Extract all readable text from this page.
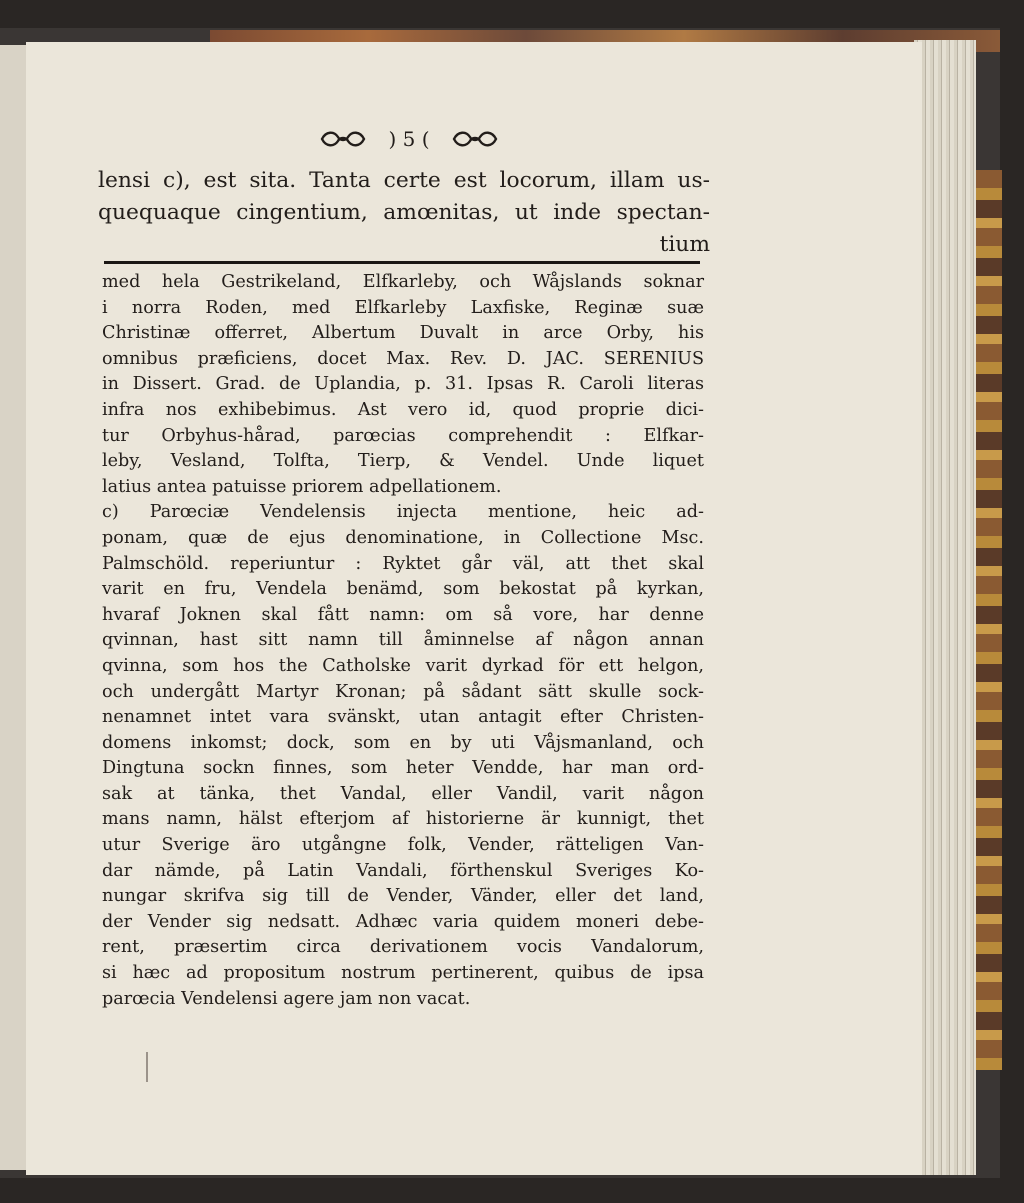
) 5 (
lensi c), est sita. Tanta certe est locorum, illam us-
quequaque cingentium, amœnitas, ut inde spectan-
tium
med hela Gestrikeland, Elfkarleby, och Wåjslands soknar
i norra Roden, med Elfkarleby Laxfiske, Reginæ suæ
Christinæ offerret, Albertum Duvalt in arce Orby, his
omnibus præficiens, docet Max. Rev. D. JAC. SERENIUS
in Dissert. Grad. de Uplandia, p. 31. Ipsas R. Caroli literas
infra nos exhibebimus. Ast vero id, quod proprie dici-
tur Orbyhus-hårad, parœcias comprehendit : Elfkar-
leby, Vesland, Tolfta, Tierp, & Vendel. Unde liquet
latius antea patuisse priorem adpellationem.
c) Parœciæ Vendelensis injecta mentione, heic ad-
ponam, quæ de ejus denominatione, in Collectione Msc.
Palmschöld. reperiuntur : Ryktet går väl, att thet skal
varit en fru, Vendela benämd, som bekostat på kyrkan,
hvaraf Joknen skal fått namn: om så vore, har denne
qvinnan, hast sitt namn till åminnelse af någon annan
qvinna, som hos the Catholske varit dyrkad för ett helgon,
och undergått Martyr Kronan; på sådant sätt skulle sock-
nenamnet intet vara svänskt, utan antagit efter Christen-
domens inkomst; dock, som en by uti Våjsmanland, och
Dingtuna sockn finnes, som heter Vendde, har man ord-
sak at tänka, thet Vandal, eller Vandil, varit någon
mans namn, hälst efterjom af historierne är kunnigt, thet
utur Sverige äro utgångne folk, Vender, rätteligen Van-
dar nämde, på Latin Vandali, förthenskul Sveriges Ko-
nungar skrifva sig till de Vender, Vänder, eller det land,
der Vender sig nedsatt. Adhæc varia quidem moneri debe-
rent, præsertim circa derivationem vocis Vandalorum,
si hæc ad propositum nostrum pertinerent, quibus de ipsa
parœcia Vendelensi agere jam non vacat.
